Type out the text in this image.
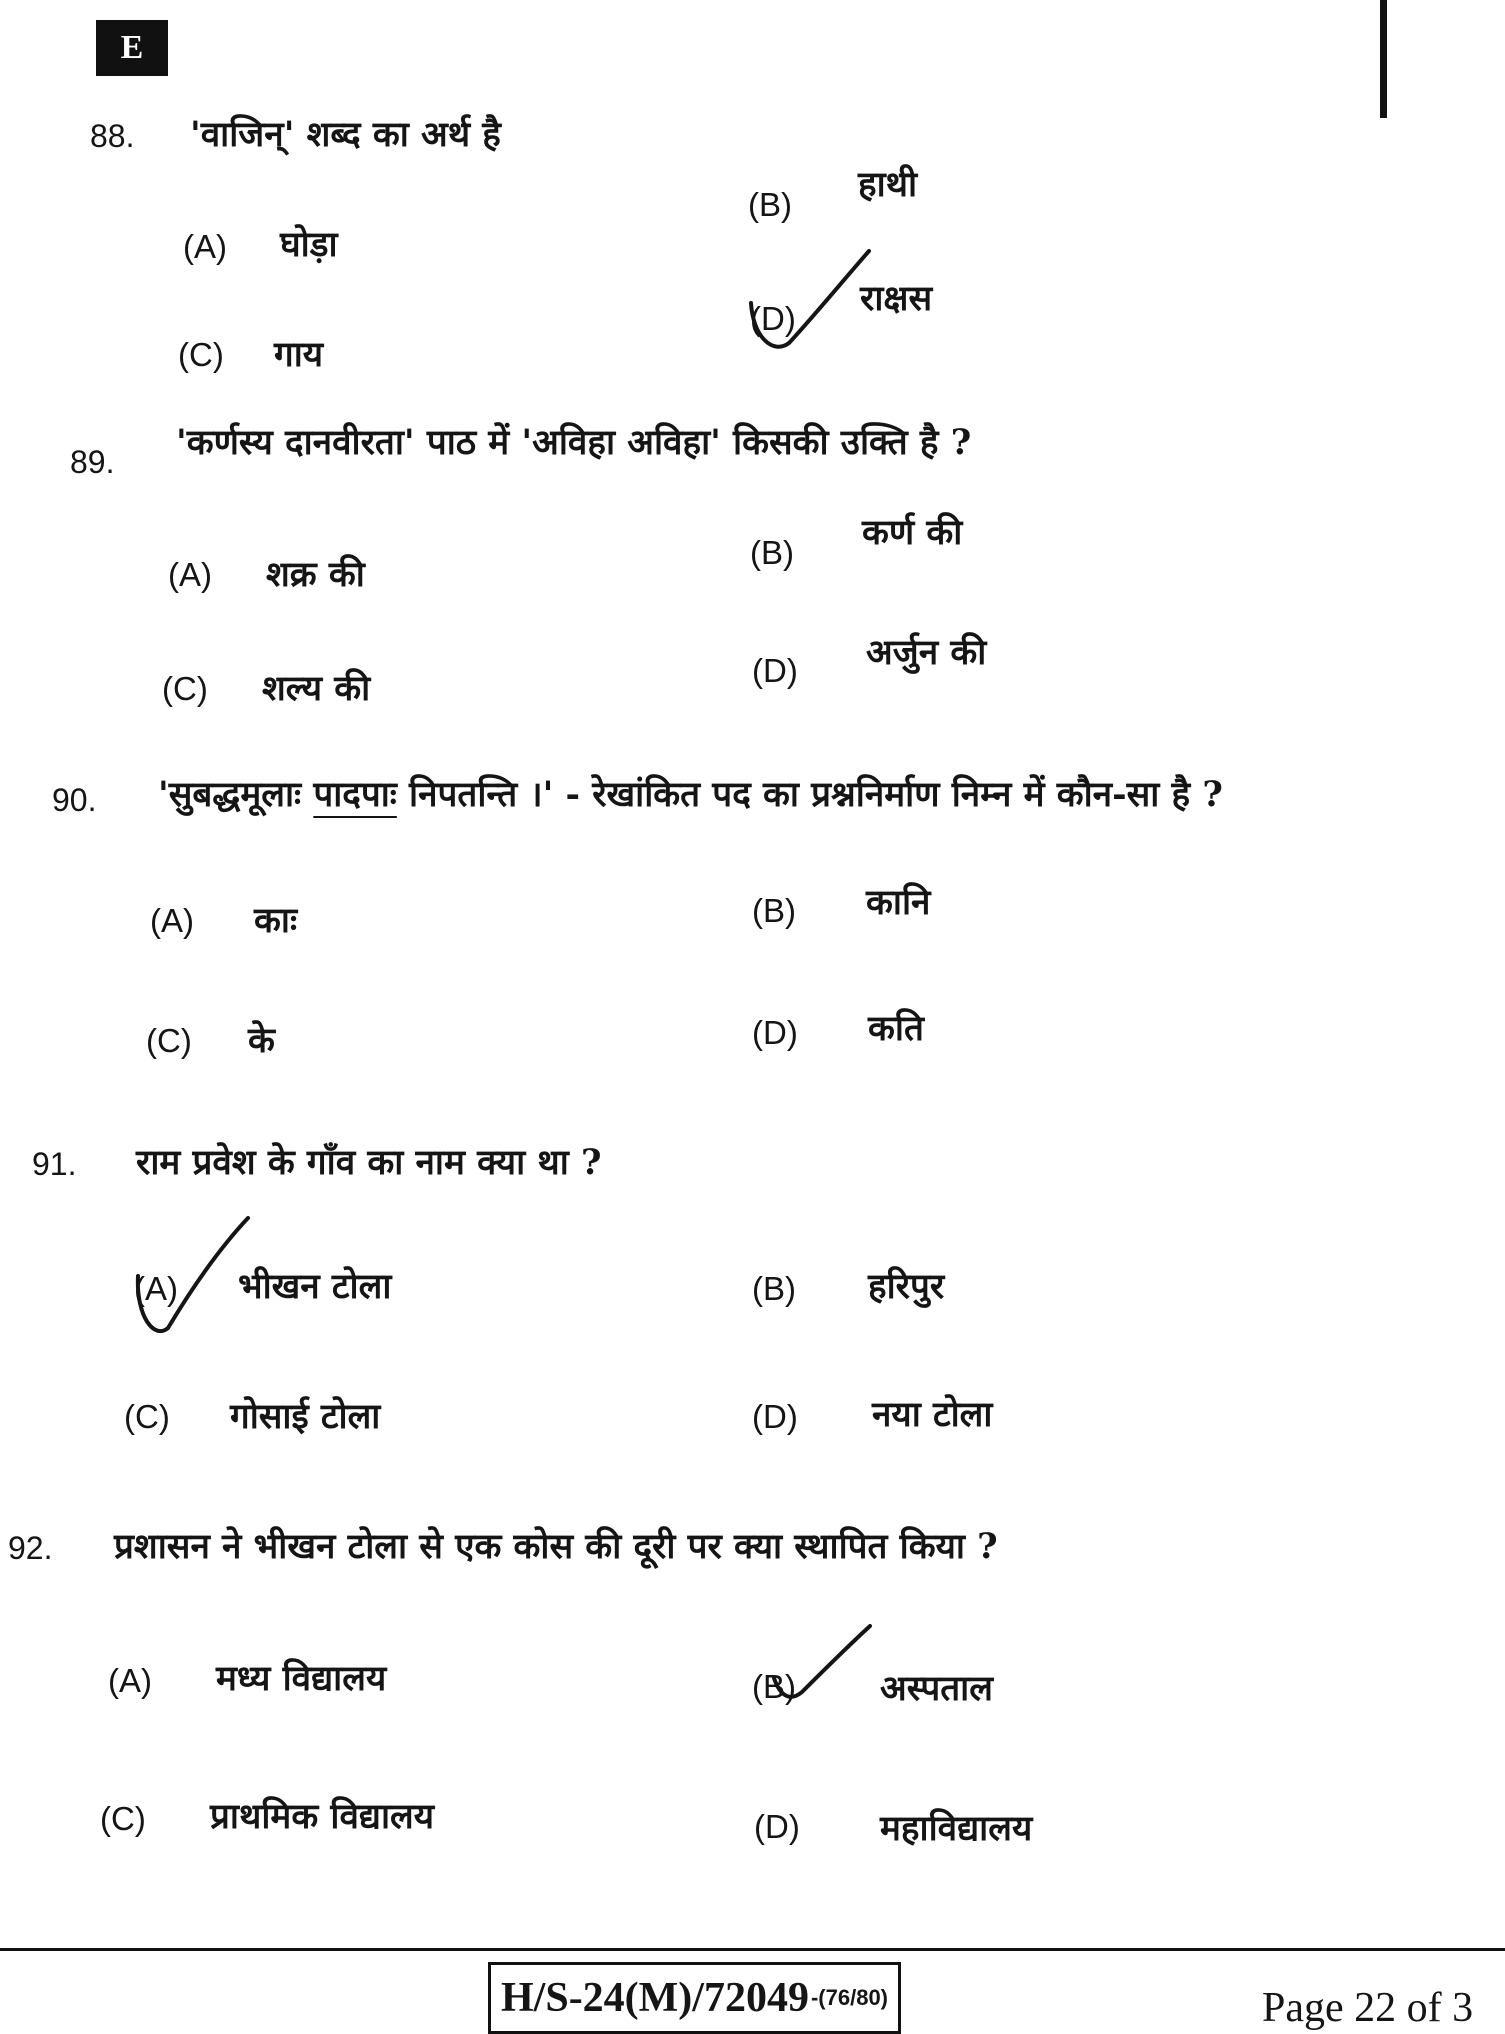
E
88. 'वाजिन्' शब्द का अर्थ है
(A) घोड़ा
(B) हाथी
(C) गाय
(D) राक्षस
89. 'कर्णस्य दानवीरता' पाठ में 'अविहा अविहा' किसकी उक्ति है ?
(A) शक्र की
(B) कर्ण की
(C) शल्य की	(D) अर्जुन की
90. 'सुबद्धमूलाः पादपाः निपतन्ति ।' - रेखांकित पद का प्रश्ननिर्माण निम्न में कौन-सा है ?
(A) काः	(B) कानि
(C) के	(D) कति
91. राम प्रवेश के गाँव का नाम क्या था ?
(A) भीखन टोला	(B) हरिपुर
(C) गोसाई टोला	(D) नया टोला
92. प्रशासन ने भीखन टोला से एक कोस की दूरी पर क्या स्थापित किया ?
(A) मध्य विद्यालय	(B) अस्पताल
(C) प्राथमिक विद्यालय	(D) महाविद्यालय
H/S-24(M)/72049 -(76/80)	Page 22 of 3
